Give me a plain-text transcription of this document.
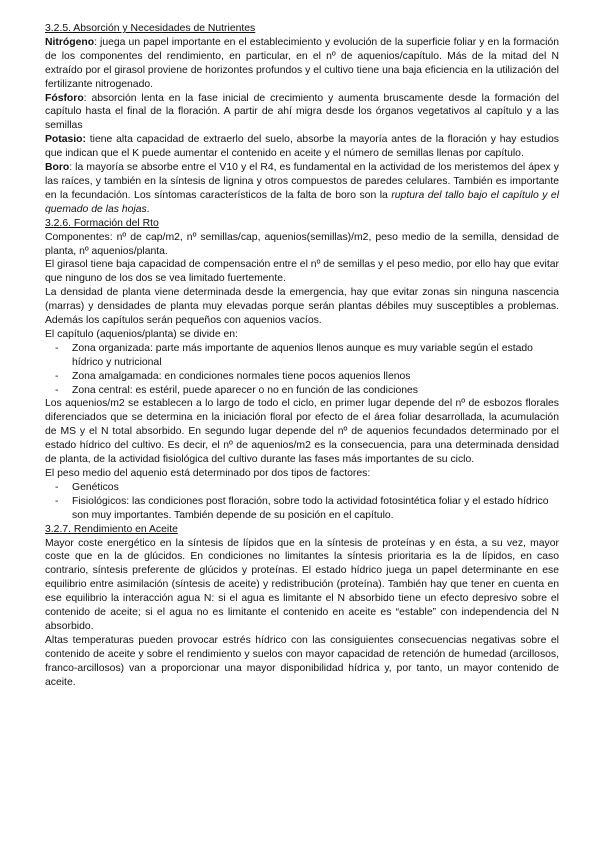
3.2.5. Absorción y Necesidades de Nutrientes

Nitrógeno: juega un papel importante en el establecimiento y evolución de la superficie foliar y en la formación de los componentes del rendimiento, en particular, en el nº de aquenios/capítulo. Más de la mitad del N extraído por el girasol proviene de horizontes profundos y el cultivo tiene una baja eficiencia en la utilización del fertilizante nitrogenado.

Fósforo: absorción lenta en la fase inicial de crecimiento y aumenta bruscamente desde la formación del capítulo hasta el final de la floración. A partir de ahí migra desde los órganos vegetativos al capítulo y a las semillas

Potasio: tiene alta capacidad de extraerlo del suelo, absorbe la mayoría antes de la floración y hay estudios que indican que el K puede aumentar el contenido en aceite y el número de semillas llenas por capítulo.

Boro: la mayoría se absorbe entre el V10 y el R4, es fundamental en la actividad de los meristemos del ápex y las raíces, y también en la síntesis de lignina y otros compuestos de paredes celulares. También es importante en la fecundación. Los síntomas característicos de la falta de boro son la ruptura del tallo bajo el capítulo y el quemado de las hojas.

3.2.6. Formación del Rto

Componentes: nº de cap/m2, nº semillas/cap, aquenios(semillas)/m2, peso medio de la semilla, densidad de planta, nº aquenios/planta.

El girasol tiene baja capacidad de compensación entre el nº de semillas y el peso medio, por ello hay que evitar que ninguno de los dos se vea limitado fuertemente.

La densidad de planta viene determinada desde la emergencia, hay que evitar zonas sin ninguna nascencia (marras) y densidades de planta muy elevadas porque serán plantas débiles muy susceptibles a problemas. Además los capítulos serán pequeños con aquenios vacíos.

El capítulo (aquenios/planta) se divide en:

- Zona organizada: parte más importante de aquenios llenos aunque es muy variable según el estado hídrico y nutricional
- Zona amalgamada: en condiciones normales tiene pocos aquenios llenos
- Zona central: es estéril, puede aparecer o no en función de las condiciones

Los aquenios/m2 se establecen a lo largo de todo el ciclo, en primer lugar depende del nº de esbozos florales diferenciados que se determina en la iniciación floral por efecto de el área foliar desarrollada, la acumulación de MS y el N total absorbido. En segundo lugar depende del nº de aquenios fecundados determinado por el estado hídrico del cultivo. Es decir, el nº de aquenios/m2 es la consecuencia, para una determinada densidad de planta, de la actividad fisiológica del cultivo durante las fases más importantes de su ciclo.

El peso medio del aquenio está determinado por dos tipos de factores:

- Genéticos
- Fisiológicos: las condiciones post floración, sobre todo la actividad fotosintética foliar y el estado hídrico son muy importantes. También depende de su posición en el capítulo.

3.2.7. Rendimiento en Aceite

Mayor coste energético en la síntesis de lípidos que en la síntesis de proteínas y en ésta, a su vez, mayor coste que en la de glúcidos. En condiciones no limitantes la síntesis prioritaria es la de lípidos, en caso contrario, síntesis preferente de glúcidos y proteínas. El estado hídrico juega un papel determinante en ese equilibrio entre asimilación (síntesis de aceite) y redistribución (proteína). También hay que tener en cuenta en ese equilibrio la interacción agua N: si el agua es limitante el N absorbido tiene un efecto depresivo sobre el contenido de aceite; si el agua no es limitante el contenido en aceite es “estable” con independencia del N absorbido.

Altas temperaturas pueden provocar estrés hídrico con las consiguientes consecuencias negativas sobre el contenido de aceite y sobre el rendimiento y suelos con mayor capacidad de retención de humedad (arcillosos, franco-arcillosos) van a proporcionar una mayor disponibilidad hídrica y, por tanto, un mayor contenido de aceite.
